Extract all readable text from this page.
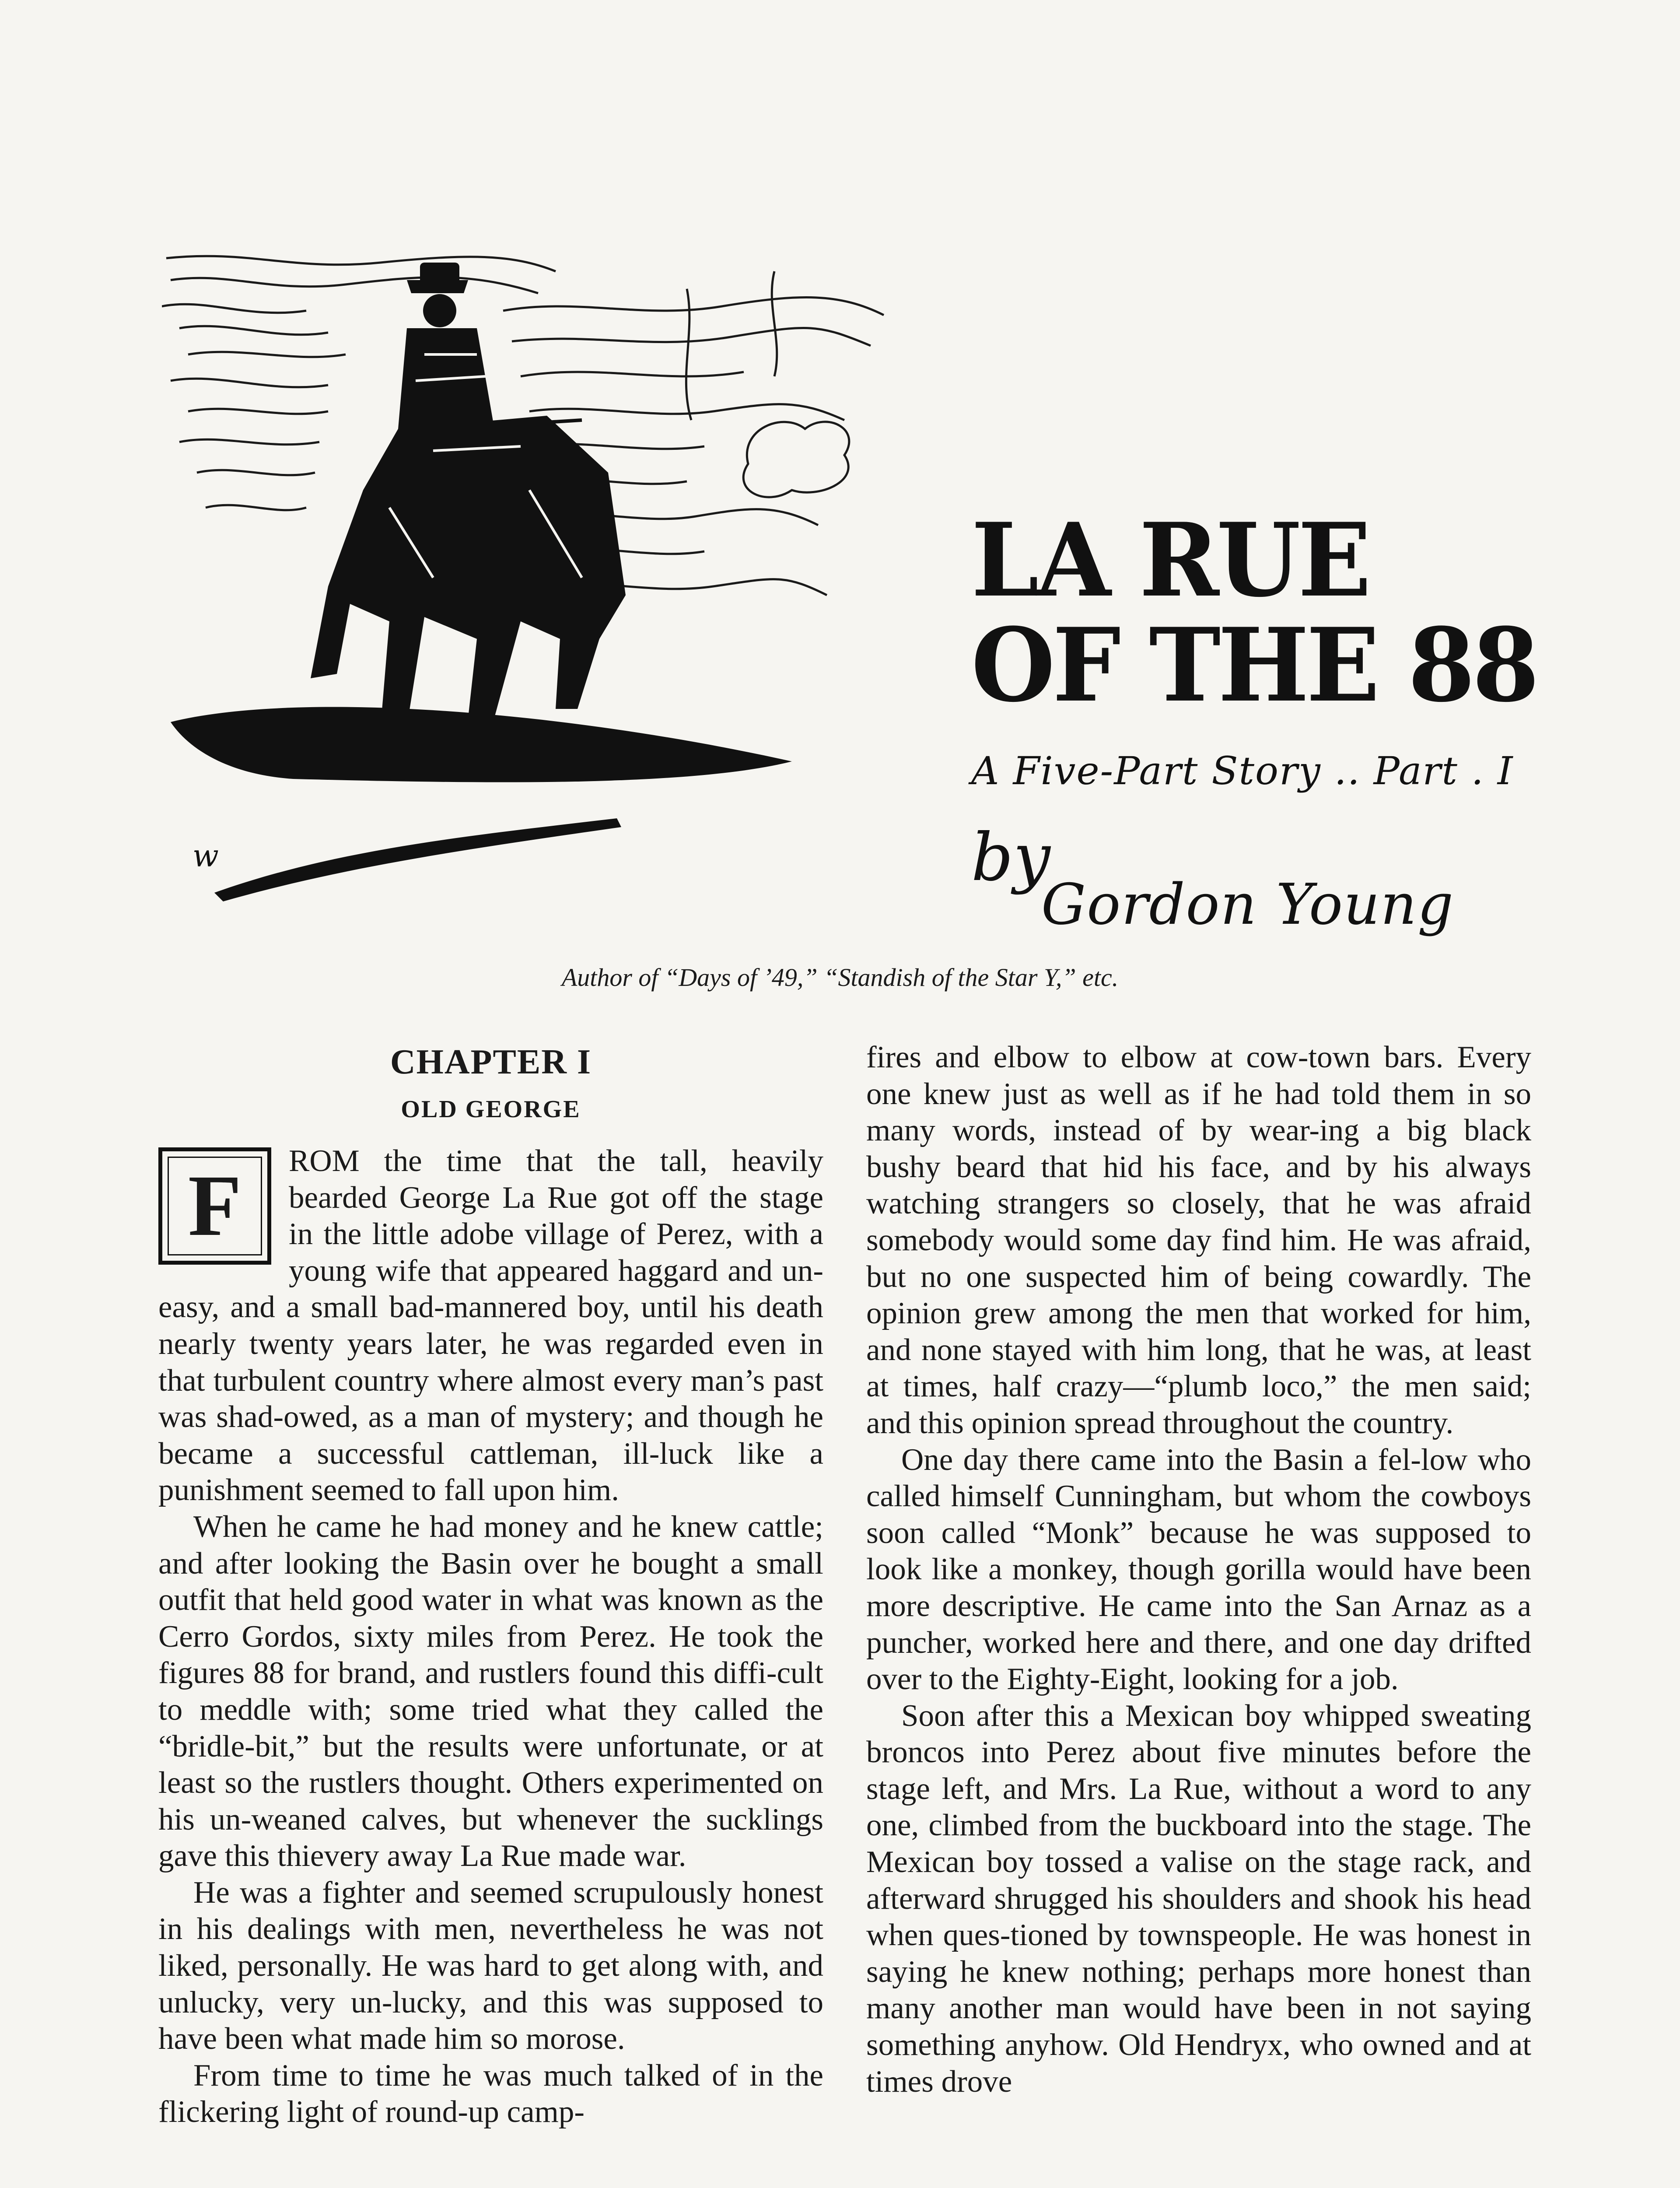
w
LA RUE
OF THE 88
A Five-Part Story .. Part . I
by
Gordon Young
Author of “Days of ’49,” “Standish of the Star Y,” etc.
CHAPTER I
OLD GEORGE
F	ROM the time that the tall, heavily bearded George La Rue got off the stage in the little adobe village of Perez, with a young wife that appeared haggard and un-easy, and a small bad-mannered boy, until his death nearly twenty years later, he was regarded even in that turbulent country where almost every man’s past was shad-owed, as a man of mystery; and though he became a successful cattleman, ill-luck like a punishment seemed to fall upon him.

When he came he had money and he knew cattle; and after looking the Basin over he bought a small outfit that held good water in what was known as the Cerro Gordos, sixty miles from Perez. He took the figures 88 for brand, and rustlers found this diffi-cult to meddle with; some tried what they called the “bridle-bit,” but the results were unfortunate, or at least so the rustlers thought. Others experimented on his un-weaned calves, but whenever the sucklings gave this thievery away La Rue made war.

He was a fighter and seemed scrupulously honest in his dealings with men, nevertheless he was not liked, personally. He was hard to get along with, and unlucky, very un-lucky, and this was supposed to have been what made him so morose.

From time to time he was much talked of in the flickering light of round-up camp-

fires and elbow to elbow at cow-town bars. Every one knew just as well as if he had told them in so many words, instead of by wear-ing a big black bushy beard that hid his face, and by his always watching strangers so closely, that he was afraid somebody would some day find him. He was afraid, but no one suspected him of being cowardly. The opinion grew among the men that worked for him, and none stayed with him long, that he was, at least at times, half crazy—“plumb loco,” the men said; and this opinion spread throughout the country.

One day there came into the Basin a fel-low who called himself Cunningham, but whom the cowboys soon called “Monk” because he was supposed to look like a monkey, though gorilla would have been more descriptive. He came into the San Arnaz as a puncher, worked here and there, and one day drifted over to the Eighty-Eight, looking for a job.

Soon after this a Mexican boy whipped sweating broncos into Perez about five minutes before the stage left, and Mrs. La Rue, without a word to any one, climbed from the buckboard into the stage. The Mexican boy tossed a valise on the stage rack, and afterward shrugged his shoulders and shook his head when ques-tioned by townspeople. He was honest in saying he knew nothing; perhaps more honest than many another man would have been in not saying something anyhow. Old Hendryx, who owned and at times drove
